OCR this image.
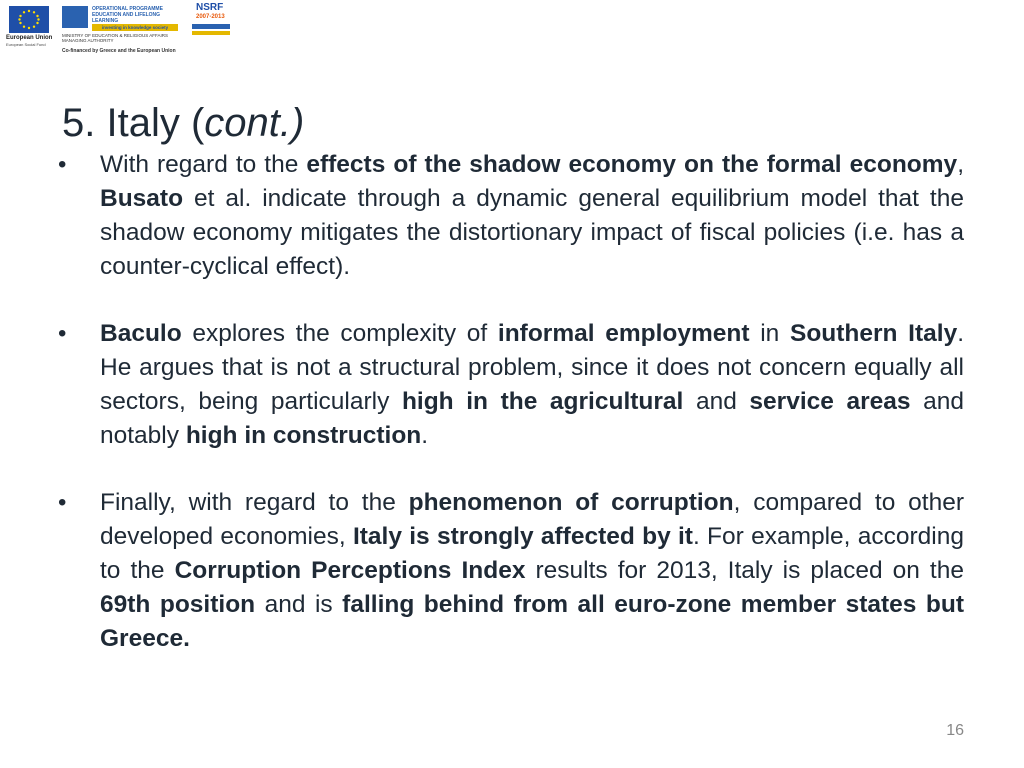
European Union
European Social Fund
OPERATIONAL PROGRAMME
EDUCATION AND LIFELONG LEARNING
investing in knowledge society
MINISTRY OF EDUCATION & RELIGIOUS AFFAIRS
MANAGING AUTHORITY
Co-financed by Greece and the European Union
NSRF
2007-2013
5. Italy (cont.)
• With regard to the effects of the shadow economy on the formal economy, Busato et al. indicate through a dynamic general equilibrium model that the shadow economy mitigates the distortionary impact of fiscal policies (i.e. has a counter-cyclical effect).
• Baculo explores the complexity of informal employment in Southern Italy. He argues that is not a structural problem, since it does not concern equally all sectors, being particularly high in the agricultural and service areas and notably high in construction.
• Finally, with regard to the phenomenon of corruption, compared to other developed economies, Italy is strongly affected by it. For example, according to the Corruption Perceptions Index results for 2013, Italy is placed on the 69th position and is falling behind from all euro-zone member states but Greece.
16
